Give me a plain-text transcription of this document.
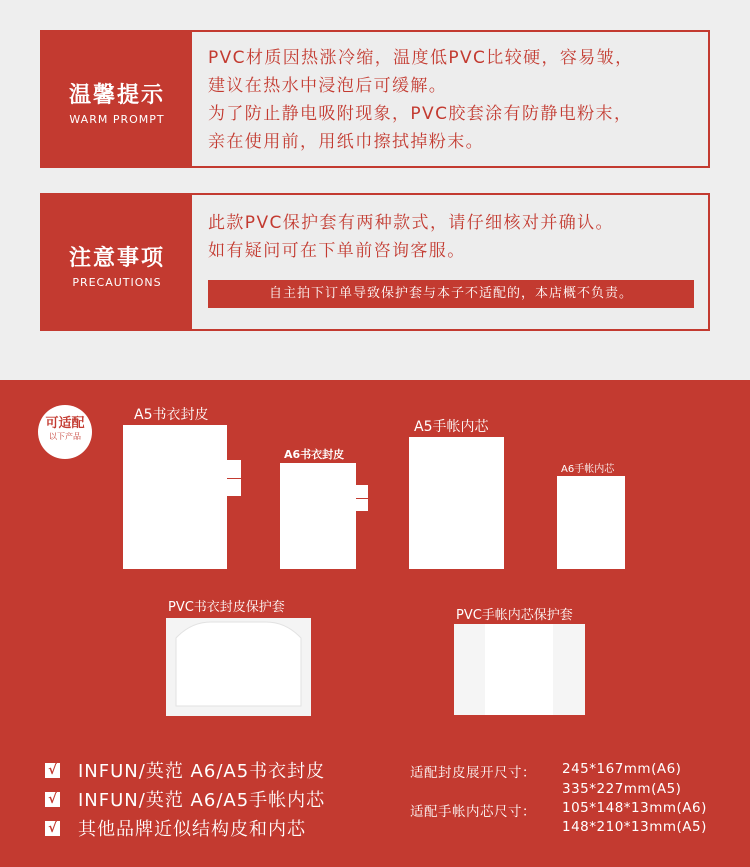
温馨提示
WARM PROMPT
PVC材质因热涨冷缩，温度低PVC比较硬，容易皱，
建议在热水中浸泡后可缓解。
为了防止静电吸附现象，PVC胶套涂有防静电粉末，
亲在使用前，用纸巾擦拭掉粉末。
注意事项
PRECAUTIONS
此款PVC保护套有两种款式，请仔细核对并确认。
如有疑问可在下单前咨询客服。
自主拍下订单导致保护套与本子不适配的，本店概不负责。
可适配
以下产品
A5书衣封皮
A6书衣封皮
A5手帐内芯
A6手帐内芯
PVC书衣封皮保护套
PVC手帐内芯保护套
√ INFUN/英范 A6/A5书衣封皮
√ INFUN/英范 A6/A5手帐内芯
√ 其他品牌近似结构皮和内芯
适配封皮展开尺寸： 245*167mm(A6)
335*227mm(A5)
适配手帐内芯尺寸： 105*148*13mm(A6)
148*210*13mm(A5)
